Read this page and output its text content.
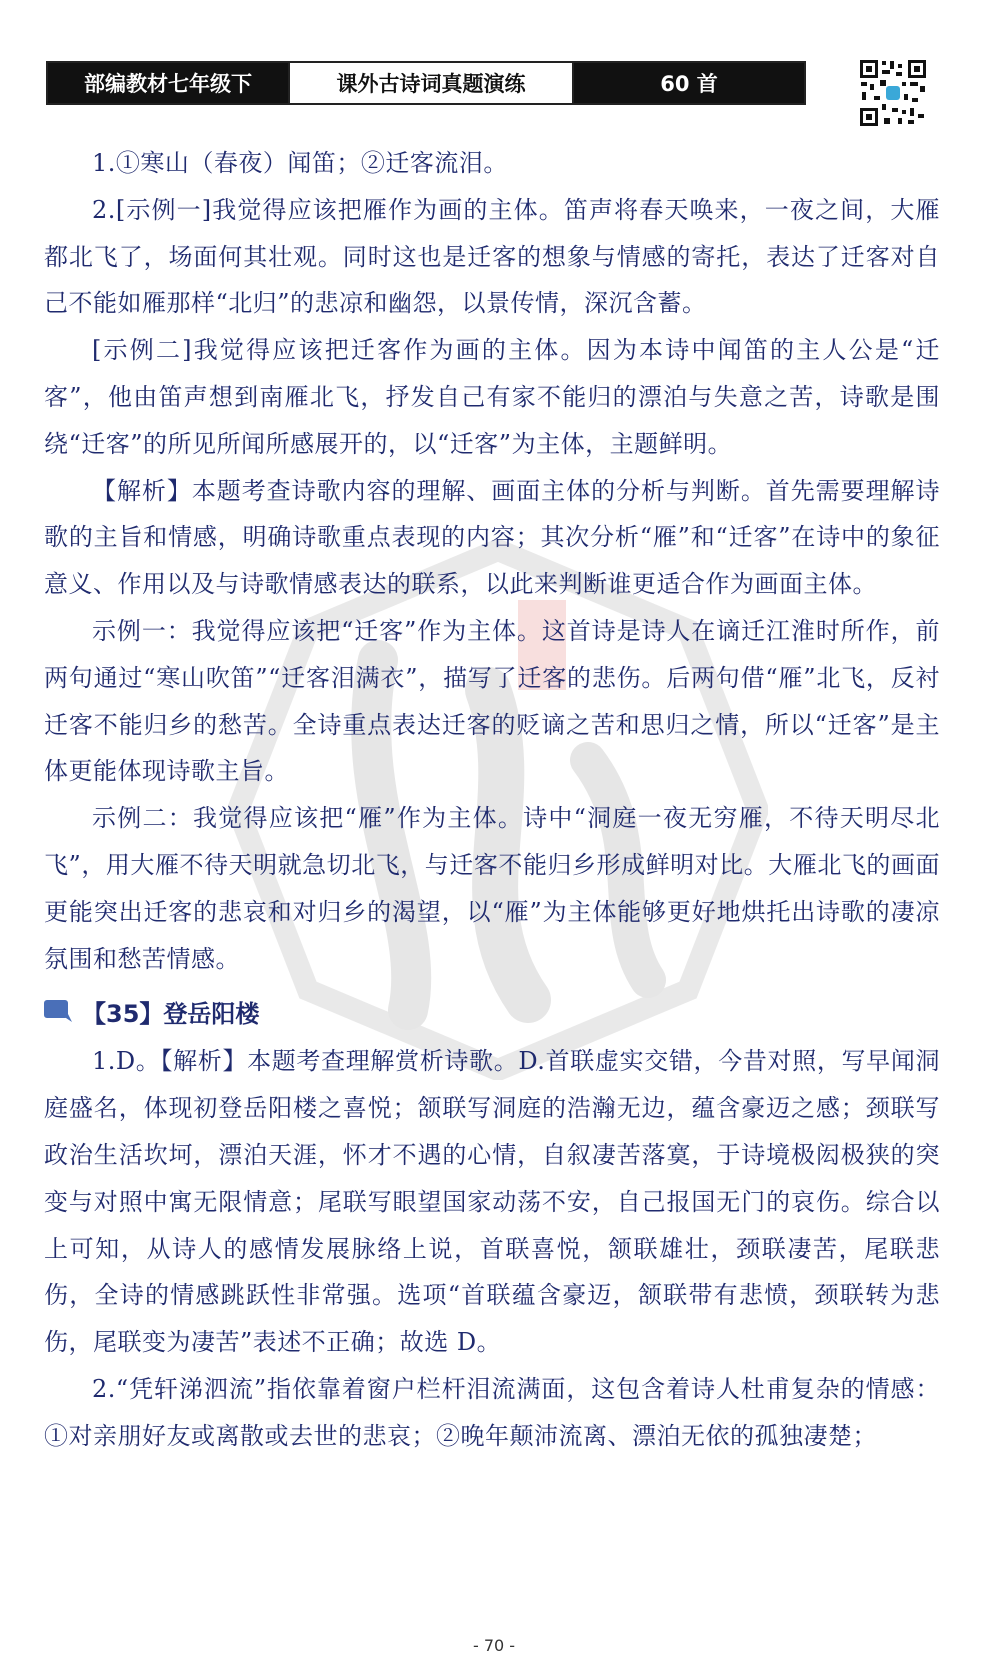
部编教材七年级下	课外古诗词真题演练	60 首

1.①寒山（春夜）闻笛；②迁客流泪。

2.[示例一]我觉得应该把雁作为画的主体。笛声将春天唤来，一夜之间，大雁都北飞了，场面何其壮观。同时这也是迁客的想象与情感的寄托，表达了迁客对自己不能如雁那样“北归”的悲凉和幽怨，以景传情，深沉含蓄。

[示例二]我觉得应该把迁客作为画的主体。因为本诗中闻笛的主人公是“迁客”，他由笛声想到南雁北飞，抒发自己有家不能归的漂泊与失意之苦，诗歌是围绕“迁客”的所见所闻所感展开的，以“迁客”为主体，主题鲜明。

【解析】本题考查诗歌内容的理解、画面主体的分析与判断。首先需要理解诗歌的主旨和情感，明确诗歌重点表现的内容；其次分析“雁”和“迁客”在诗中的象征意义、作用以及与诗歌情感表达的联系，以此来判断谁更适合作为画面主体。

示例一：我觉得应该把“迁客”作为主体。这首诗是诗人在谪迁江淮时所作，前两句通过“寒山吹笛”“迁客泪满衣”，描写了迁客的悲伤。后两句借“雁”北飞，反衬迁客不能归乡的愁苦。全诗重点表达迁客的贬谪之苦和思归之情，所以“迁客”是主体更能体现诗歌主旨。

示例二：我觉得应该把“雁”作为主体。诗中“洞庭一夜无穷雁，不待天明尽北飞”，用大雁不待天明就急切北飞，与迁客不能归乡形成鲜明对比。大雁北飞的画面更能突出迁客的悲哀和对归乡的渴望，以“雁”为主体能够更好地烘托出诗歌的凄凉氛围和愁苦情感。

【35】登岳阳楼

1.D。【解析】本题考查理解赏析诗歌。D.首联虚实交错，今昔对照，写早闻洞庭盛名，体现初登岳阳楼之喜悦；颔联写洞庭的浩瀚无边，蕴含豪迈之感；颈联写政治生活坎坷，漂泊天涯，怀才不遇的心情，自叙凄苦落寞，于诗境极闳极狭的突变与对照中寓无限情意；尾联写眼望国家动荡不安，自己报国无门的哀伤。综合以上可知，从诗人的感情发展脉络上说，首联喜悦，颔联雄壮，颈联凄苦，尾联悲伤，全诗的情感跳跃性非常强。选项“首联蕴含豪迈，颔联带有悲愤，颈联转为悲伤，尾联变为凄苦”表述不正确；故选 D。

2.“凭轩涕泗流”指依靠着窗户栏杆泪流满面，这包含着诗人杜甫复杂的情感：①对亲朋好友或离散或去世的悲哀；②晚年颠沛流离、漂泊无依的孤独凄楚；

- 70 -
